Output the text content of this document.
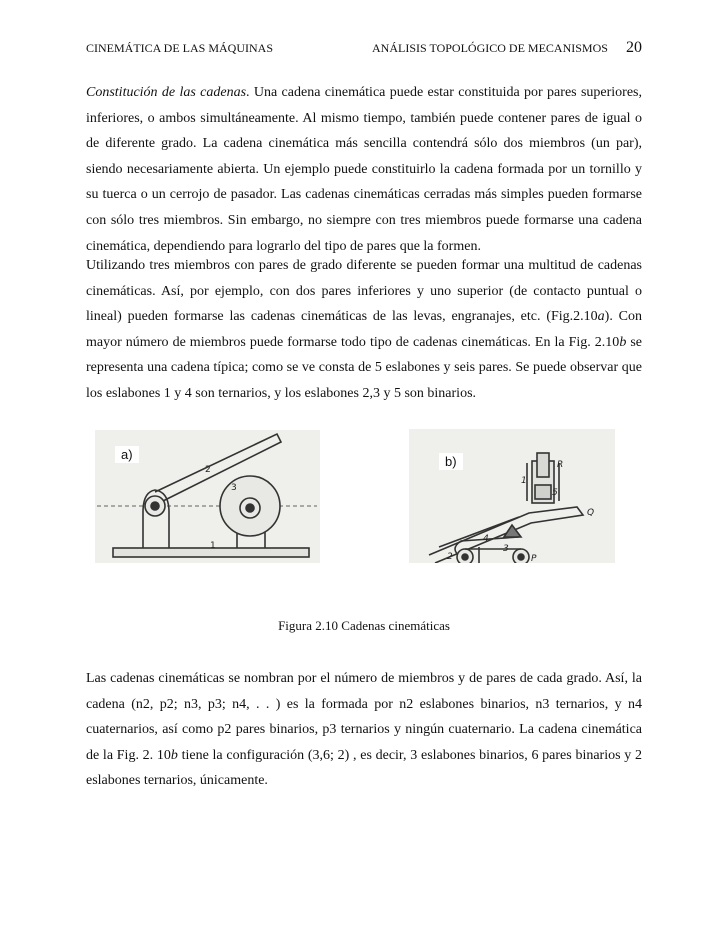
CINEMÁTICA DE LAS MÁQUINAS	ANÁLISIS TOPOLÓGICO DE MECANISMOS 20
Constitución de las cadenas. Una cadena cinemática puede estar constituida por pares superiores, inferiores, o ambos simultáneamente. Al mismo tiempo, también puede contener pares de igual o de diferente grado. La cadena cinemática más sencilla contendrá sólo dos miembros (un par), siendo necesariamente abierta. Un ejemplo puede constituirlo la cadena formada por un tornillo y su tuerca o un cerrojo de pasador. Las cadenas cinemáticas cerradas más simples pueden formarse con sólo tres miembros. Sin embargo, no siempre con tres miembros puede formarse una cadena cinemática, dependiendo para lograrlo del tipo de pares que la formen.
Utilizando tres miembros con pares de grado diferente se pueden formar una multitud de cadenas cinemáticas. Así, por ejemplo, con dos pares inferiores y uno superior (de contacto puntual o lineal) pueden formarse las cadenas cinemáticas de las levas, engranajes, etc. (Fig.2.10a). Con mayor número de miembros puede formarse todo tipo de cadenas cinemáticas. En la Fig. 2.10b se representa una cadena típica; como se ve consta de 5 eslabones y seis pares. Se puede observar que los eslabones 1 y 4 son ternarios, y los eslabones 2,3 y 5 son binarios.
1
2
3
a)
R
1
5
Q
4
3
P
2
b)
Figura 2.10 Cadenas cinemáticas
Las cadenas cinemáticas se nombran por el número de miembros y de pares de cada grado. Así, la cadena (n2, p2; n3, p3; n4, . . ) es la formada por n2 eslabones binarios, n3 ternarios, y n4 cuaternarios, así como p2 pares binarios, p3 ternarios y ningún cuaternario. La cadena cinemática de la Fig. 2. 10b tiene la configuración (3,6; 2) , es decir, 3 eslabones binarios, 6 pares binarios y 2 eslabones ternarios, únicamente.
